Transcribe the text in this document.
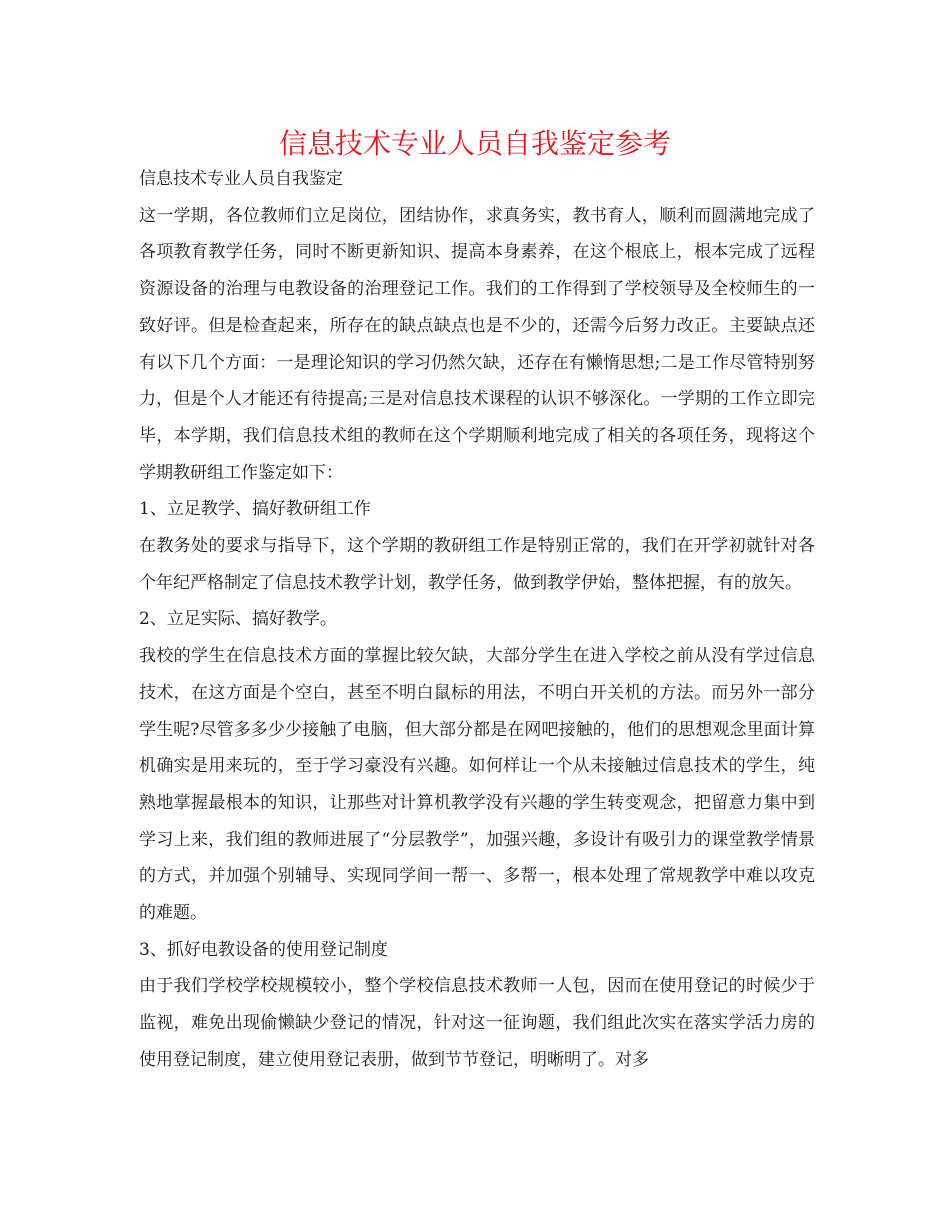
信息技术专业人员自我鉴定参考

信息技术专业人员自我鉴定

这一学期，各位教师们立足岗位，团结协作，求真务实，教书育人，顺利而圆满地完成了各项教育教学任务，同时不断更新知识、提高本身素养，在这个根底上，根本完成了远程资源设备的治理与电教设备的治理登记工作。我们的工作得到了学校领导及全校师生的一致好评。但是检查起来，所存在的缺点缺点也是不少的，还需今后努力改正。主要缺点还有以下几个方面：一是理论知识的学习仍然欠缺，还存在有懒惰思想;二是工作尽管特别努力，但是个人才能还有待提高;三是对信息技术课程的认识不够深化。一学期的工作立即完毕，本学期，我们信息技术组的教师在这个学期顺利地完成了相关的各项任务，现将这个学期教研组工作鉴定如下：

1、立足教学、搞好教研组工作

在教务处的要求与指导下，这个学期的教研组工作是特别正常的，我们在开学初就针对各个年纪严格制定了信息技术教学计划，教学任务，做到教学伊始，整体把握，有的放矢。

2、立足实际、搞好教学。

我校的学生在信息技术方面的掌握比较欠缺，大部分学生在进入学校之前从没有学过信息技术，在这方面是个空白，甚至不明白鼠标的用法，不明白开关机的方法。而另外一部分学生呢?尽管多多少少接触了电脑，但大部分都是在网吧接触的，他们的思想观念里面计算机确实是用来玩的，至于学习豪没有兴趣。如何样让一个从未接触过信息技术的学生，纯熟地掌握最根本的知识，让那些对计算机教学没有兴趣的学生转变观念，把留意力集中到学习上来，我们组的教师进展了“分层教学”，加强兴趣，多设计有吸引力的课堂教学情景的方式，并加强个别辅导、实现同学间一帮一、多帮一，根本处理了常规教学中难以攻克的难题。

3、抓好电教设备的使用登记制度

由于我们学校学校规模较小，整个学校信息技术教师一人包，因而在使用登记的时候少于监视，难免出现偷懒缺少登记的情况，针对这一征询题，我们组此次实在落实学活力房的使用登记制度，建立使用登记表册，做到节节登记，明晰明了。对多
